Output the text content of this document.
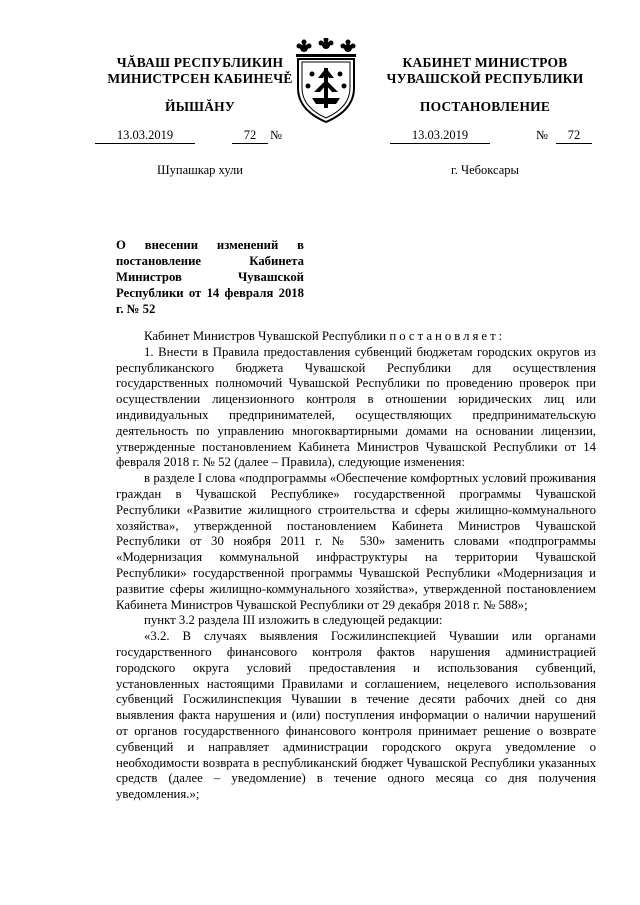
ЧĂВАШ РЕСПУБЛИКИН
МИНИСТРСЕН КАБИНЕЧĚ
ЙЫШĂНУ
13.03.2019	72	№
Шупашкар хули
КАБИНЕТ МИНИСТРОВ
ЧУВАШСКОЙ РЕСПУБЛИКИ
ПОСТАНОВЛЕНИЕ
13.03.2019	№	72
г. Чебоксары
О внесении изменений в постановление Кабинета Министров Чувашской Республики от 14 февраля 2018 г. № 52

Кабинет Министров Чувашской Республики постановляет:

1. Внести в Правила предоставления субвенций бюджетам городских округов из республиканского бюджета Чувашской Республики для осуществления государственных полномочий Чувашской Республики по проведению проверок при осуществлении лицензионного контроля в отношении юридических лиц или индивидуальных предпринимателей, осуществляющих предпринимательскую деятельность по управлению многоквартирными домами на основании лицензии, утвержденные постановлением Кабинета Министров Чувашской Республики от 14 февраля 2018 г. № 52 (далее – Правила), следующие изменения:

в разделе I слова «подпрограммы «Обеспечение комфортных условий проживания граждан в Чувашской Республике» государственной программы Чувашской Республики «Развитие жилищного строительства и сферы жилищно-коммунального хозяйства», утвержденной постановлением Кабинета Министров Чувашской Республики от 30 ноября 2011 г. № 530» заменить словами «подпрограммы «Модернизация коммунальной инфраструктуры на территории Чувашской Республики» государственной программы Чувашской Республики «Модернизация и развитие сферы жилищно-коммунального хозяйства», утвержденной постановлением Кабинета Министров Чувашской Республики от 29 декабря 2018 г. № 588»;

пункт 3.2 раздела III изложить в следующей редакции:

«3.2. В случаях выявления Госжилинспекцией Чувашии или органами государственного финансового контроля фактов нарушения администрацией городского округа условий предоставления и использования субвенций, установленных настоящими Правилами и соглашением, нецелевого использования субвенций Госжилинспекция Чувашии в течение десяти рабочих дней со дня выявления факта нарушения и (или) поступления информации о наличии нарушений от органов государственного финансового контроля принимает решение о возврате субвенций и направляет администрации городского округа уведомление о необходимости возврата в республиканский бюджет Чувашской Республики указанных средств (далее – уведомление) в течение одного месяца со дня получения уведомления.»;
